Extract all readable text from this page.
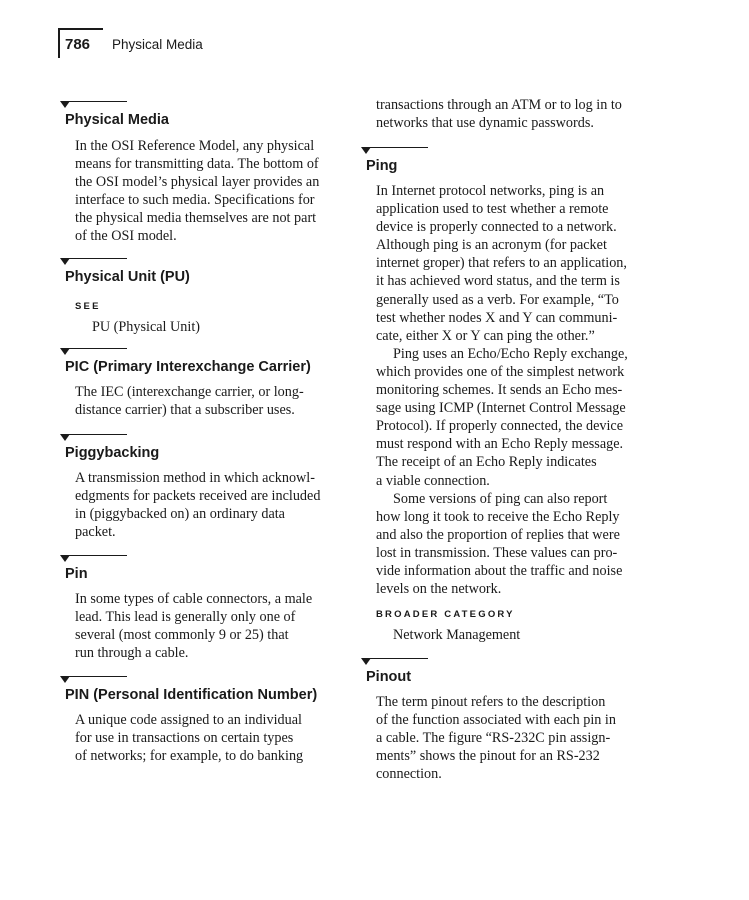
786 Physical Media
Physical Media
In the OSI Reference Model, any physical
means for transmitting data. The bottom of
the OSI model’s physical layer provides an
interface to such media. Specifications for
the physical media themselves are not part
of the OSI model.
Physical Unit (PU)
SEE
PU (Physical Unit)
PIC (Primary Interexchange Carrier)
The IEC (interexchange carrier, or long-
distance carrier) that a subscriber uses.
Piggybacking
A transmission method in which acknowl-
edgments for packets received are included
in (piggybacked on) an ordinary data
packet.
Pin
In some types of cable connectors, a male
lead. This lead is generally only one of
several (most commonly 9 or 25) that
run through a cable.
PIN (Personal Identification Number)
A unique code assigned to an individual
for use in transactions on certain types
of networks; for example, to do banking
transactions through an ATM or to log in to
networks that use dynamic passwords.
Ping
In Internet protocol networks, ping is an
application used to test whether a remote
device is properly connected to a network.
Although ping is an acronym (for packet
internet groper) that refers to an application,
it has achieved word status, and the term is
generally used as a verb. For example, “To
test whether nodes X and Y can communi-
cate, either X or Y can ping the other.”
Ping uses an Echo/Echo Reply exchange,
which provides one of the simplest network
monitoring schemes. It sends an Echo mes-
sage using ICMP (Internet Control Message
Protocol). If properly connected, the device
must respond with an Echo Reply message.
The receipt of an Echo Reply indicates
a viable connection.
Some versions of ping can also report
how long it took to receive the Echo Reply
and also the proportion of replies that were
lost in transmission. These values can pro-
vide information about the traffic and noise
levels on the network.
BROADER CATEGORY
Network Management
Pinout
The term pinout refers to the description
of the function associated with each pin in
a cable. The figure “RS-232C pin assign-
ments” shows the pinout for an RS-232
connection.
